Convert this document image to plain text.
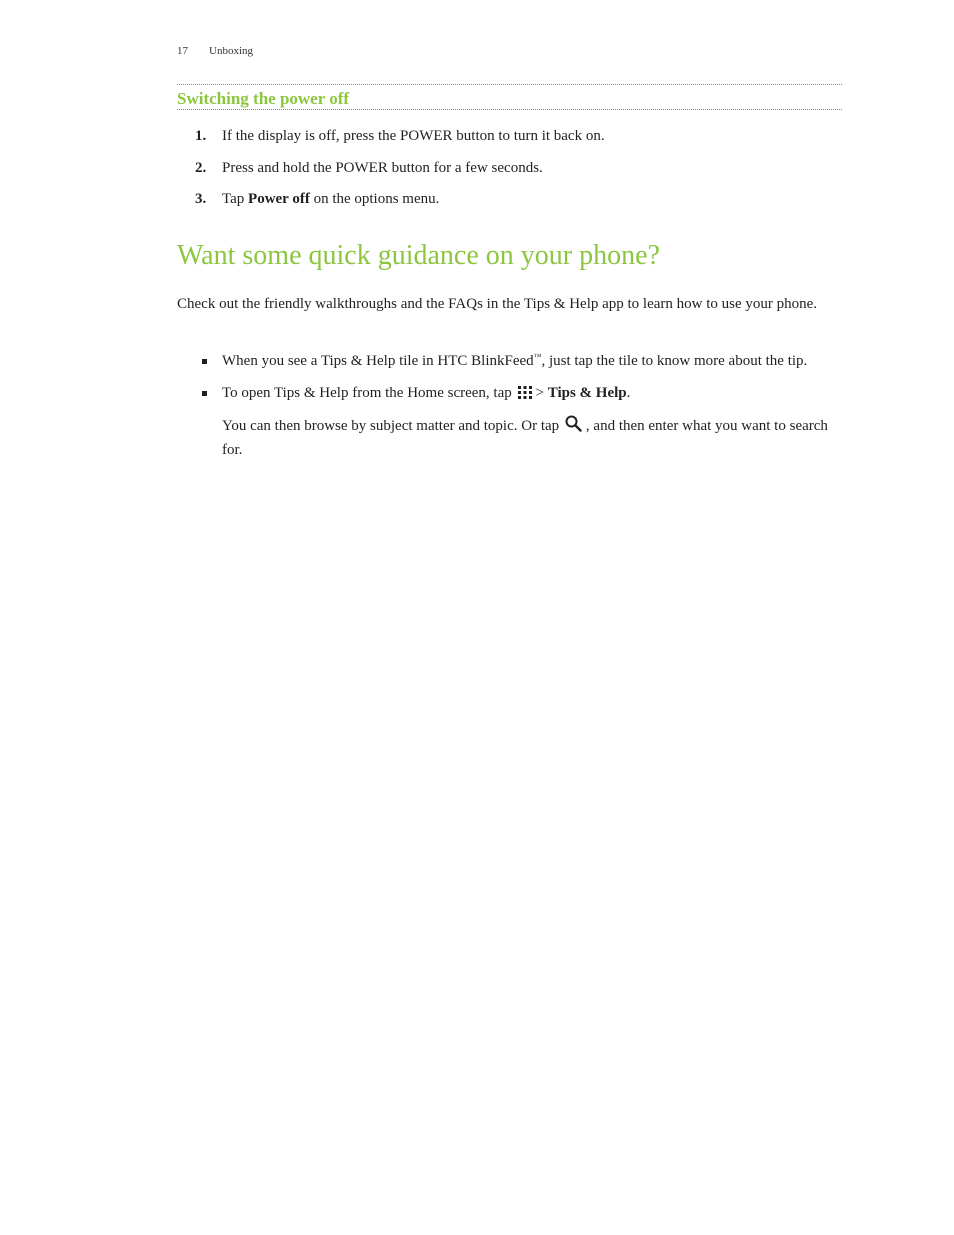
17 Unboxing
Switching the power off
1. If the display is off, press the POWER button to turn it back on.
2. Press and hold the POWER button for a few seconds.
3. Tap Power off on the options menu.
Want some quick guidance on your phone?

Check out the friendly walkthroughs and the FAQs in the Tips & Help app to learn how to use your phone.

When you see a Tips & Help tile in HTC BlinkFeed™, just tap the tile to know more about the tip.

To open Tips & Help from the Home screen, tap > Tips & Help.

You can then browse by subject matter and topic. Or tap , and then enter what you want to search for.
